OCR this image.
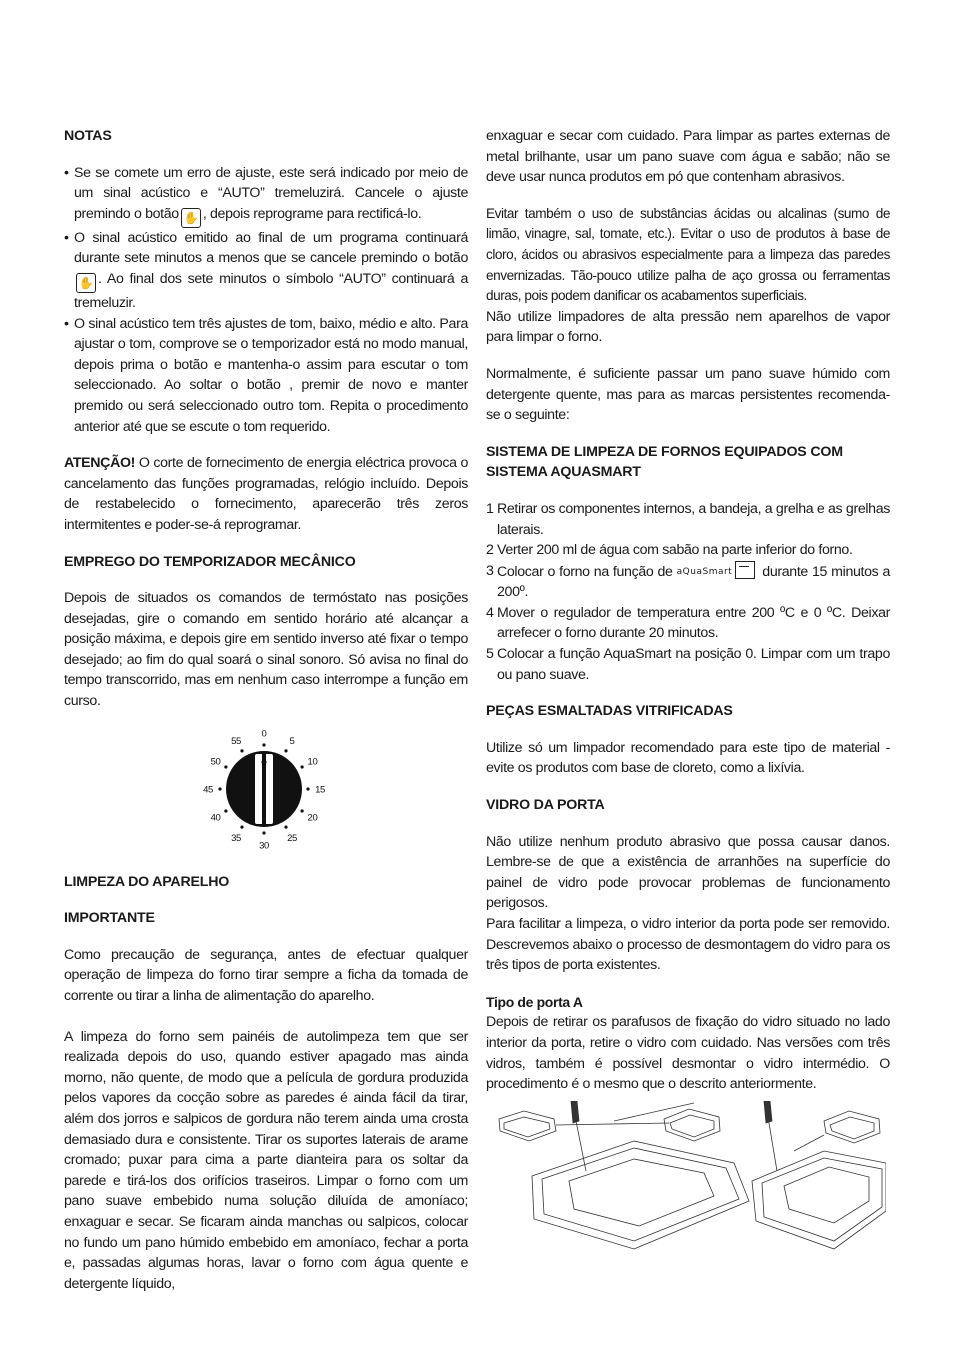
NOTAS
• Se se comete um erro de ajuste, este será indicado por meio de um sinal acústico e “AUTO” tremeluzirá. Cancele o ajuste premindo o botão ✋ , depois reprograme para rectificá-lo.
• O sinal acústico emitido ao final de um programa continuará durante sete minutos a menos que se cancele premindo o botão✋ . Ao final dos sete minutos o símbolo “AUTO” continuará a tremeluzir.
• O sinal acústico tem três ajustes de tom, baixo, médio e alto. Para ajustar o tom, comprove se o temporizador está no modo manual, depois prima o botão e mantenha-o assim para escutar o tom seleccionado. Ao soltar o botão , premir de novo e manter premido ou será seleccionado outro tom. Repita o procedimento anterior até que se escute o tom requerido.

ATENÇÃO! O corte de fornecimento de energia eléctrica provoca o cancelamento das funções programadas, relógio incluído. Depois de restabelecido o fornecimento, aparecerão três zeros intermitentes e poder-se-á reprogramar.

EMPREGO DO TEMPORIZADOR MECÂNICO

Depois de situados os comandos de termóstato nas posições desejadas, gire o comando em sentido horário até alcançar a posição máxima, e depois gire em sentido inverso até fixar o tempo desejado; ao fim do qual soará o sinal sonoro. Só avisa no final do tempo transcorrido, mas em nenhum caso interrompe a função em curso.

0
5
10
15
20
25
30
35
40
45
50
55
LIMPEZA DO APARELHO
IMPORTANTE

Como precaução de segurança, antes de efectuar qualquer operação de limpeza do forno tirar sempre a ficha da tomada de corrente ou tirar a linha de alimentação do aparelho.

A limpeza do forno sem painéis de autolimpeza tem que ser realizada depois do uso, quando estiver apagado mas ainda morno, não quente, de modo que a película de gordura produzida pelos vapores da cocção sobre as paredes é ainda fácil da tirar, além dos jorros e salpicos de gordura não terem ainda uma crosta demasiado dura e consistente. Tirar os suportes laterais de arame cromado; puxar para cima a parte dianteira para os soltar da parede e tirá-los dos orifícios traseiros. Limpar o forno com um pano suave embebido numa solução diluída de amoníaco; enxaguar e secar. Se ficaram ainda manchas ou salpicos, colocar no fundo um pano húmido embebido em amoníaco, fechar a porta e, passadas algumas horas, lavar o forno com água quente e detergente líquido,

enxaguar e secar com cuidado. Para limpar as partes externas de metal brilhante, usar um pano suave com água e sabão; não se deve usar nunca produtos em pó que contenham abrasivos.

Evitar também o uso de substâncias ácidas ou alcalinas (sumo de limão, vinagre, sal, tomate, etc.). Evitar o uso de produtos à base de cloro, ácidos ou abrasivos especialmente para a limpeza das paredes envernizadas. Tão-pouco utilize palha de aço grossa ou ferramentas duras, pois podem danificar os acabamentos superficiais.

Não utilize limpadores de alta pressão nem aparelhos de vapor para limpar o forno.

Normalmente, é suficiente passar um pano suave húmido com detergente quente, mas para as marcas persistentes recomenda-se o seguinte:

SISTEMA DE LIMPEZA DE FORNOS EQUIPADOS COM SISTEMA AQUASMART
1 Retirar os componentes internos, a bandeja, a grelha e as grelhas laterais.
2 Verter 200 ml de água com sabão na parte inferior do forno.
3 Colocar o forno na função de aQuaSmart durante 15 minutos a 200º.
4 Mover o regulador de temperatura entre 200 ºC e 0 ºC. Deixar arrefecer o forno durante 20 minutos.
5 Colocar a função AquaSmart na posição 0. Limpar com um trapo ou pano suave.
PEÇAS ESMALTADAS VITRIFICADAS

Utilize só um limpador recomendado para este tipo de material - evite os produtos com base de cloreto, como a lixívia.

VIDRO DA PORTA

Não utilize nenhum produto abrasivo que possa causar danos. Lembre-se de que a existência de arranhões na superfície do painel de vidro pode provocar problemas de funcionamento perigosos.

Para facilitar a limpeza, o vidro interior da porta pode ser removido. Descrevemos abaixo o processo de desmontagem do vidro para os três tipos de porta existentes.

Tipo de porta A

Depois de retirar os parafusos de fixação do vidro situado no lado interior da porta, retire o vidro com cuidado. Nas versões com três vidros, também é possível desmontar o vidro intermédio. O procedimento é o mesmo que o descrito anteriormente.
